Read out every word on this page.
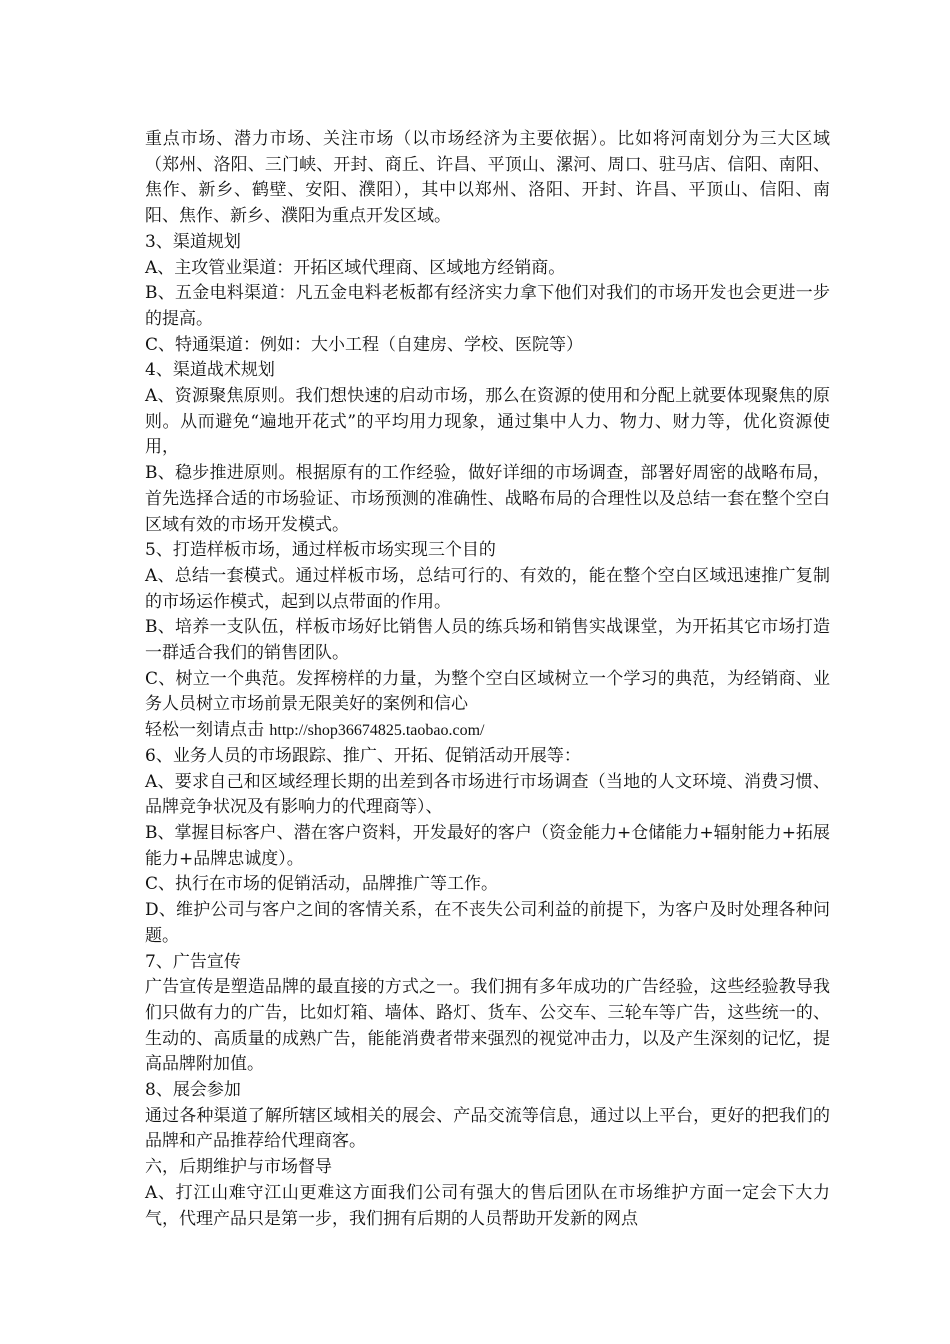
重点市场、潜力市场、关注市场（以市场经济为主要依据）。比如将河南划分为三大区域（郑州、洛阳、三门峡、开封、商丘、许昌、平顶山、漯河、周口、驻马店、信阳、南阳、焦作、新乡、鹤壁、安阳、濮阳），其中以郑州、洛阳、开封、许昌、平顶山、信阳、南阳、焦作、新乡、濮阳为重点开发区域。

3、渠道规划

A、主攻管业渠道：开拓区域代理商、区域地方经销商。

B、五金电料渠道：凡五金电料老板都有经济实力拿下他们对我们的市场开发也会更进一步的提高。

C、特通渠道：例如：大小工程（自建房、学校、医院等）

4、渠道战术规划

A、资源聚焦原则。我们想快速的启动市场，那么在资源的使用和分配上就要体现聚焦的原则。从而避免“遍地开花式”的平均用力现象，通过集中人力、物力、财力等，优化资源使用，

B、稳步推进原则。根据原有的工作经验，做好详细的市场调查，部署好周密的战略布局，首先选择合适的市场验证、市场预测的准确性、战略布局的合理性以及总结一套在整个空白区域有效的市场开发模式。

5、打造样板市场，通过样板市场实现三个目的

A、总结一套模式。通过样板市场，总结可行的、有效的，能在整个空白区域迅速推广复制的市场运作模式，起到以点带面的作用。

B、培养一支队伍，样板市场好比销售人员的练兵场和销售实战课堂，为开拓其它市场打造一群适合我们的销售团队。

C、树立一个典范。发挥榜样的力量，为整个空白区域树立一个学习的典范，为经销商、业务人员树立市场前景无限美好的案例和信心

轻松一刻请点击 http://shop36674825.taobao.com/

6、业务人员的市场跟踪、推广、开拓、促销活动开展等：

A、要求自己和区域经理长期的出差到各市场进行市场调查（当地的人文环境、消费习惯、品牌竞争状况及有影响力的代理商等）、

B、掌握目标客户、潜在客户资料，开发最好的客户（资金能力+仓储能力+辐射能力+拓展能力+品牌忠诚度）。

C、执行在市场的促销活动，品牌推广等工作。

D、维护公司与客户之间的客情关系，在不丧失公司利益的前提下，为客户及时处理各种问题。

7、广告宣传

广告宣传是塑造品牌的最直接的方式之一。我们拥有多年成功的广告经验，这些经验教导我们只做有力的广告，比如灯箱、墙体、路灯、货车、公交车、三轮车等广告，这些统一的、生动的、高质量的成熟广告，能能消费者带来强烈的视觉冲击力，以及产生深刻的记忆，提高品牌附加值。

8、展会参加

通过各种渠道了解所辖区域相关的展会、产品交流等信息，通过以上平台，更好的把我们的品牌和产品推荐给代理商客。

六，后期维护与市场督导

A、打江山难守江山更难这方面我们公司有强大的售后团队在市场维护方面一定会下大力气，代理产品只是第一步，我们拥有后期的人员帮助开发新的网点
